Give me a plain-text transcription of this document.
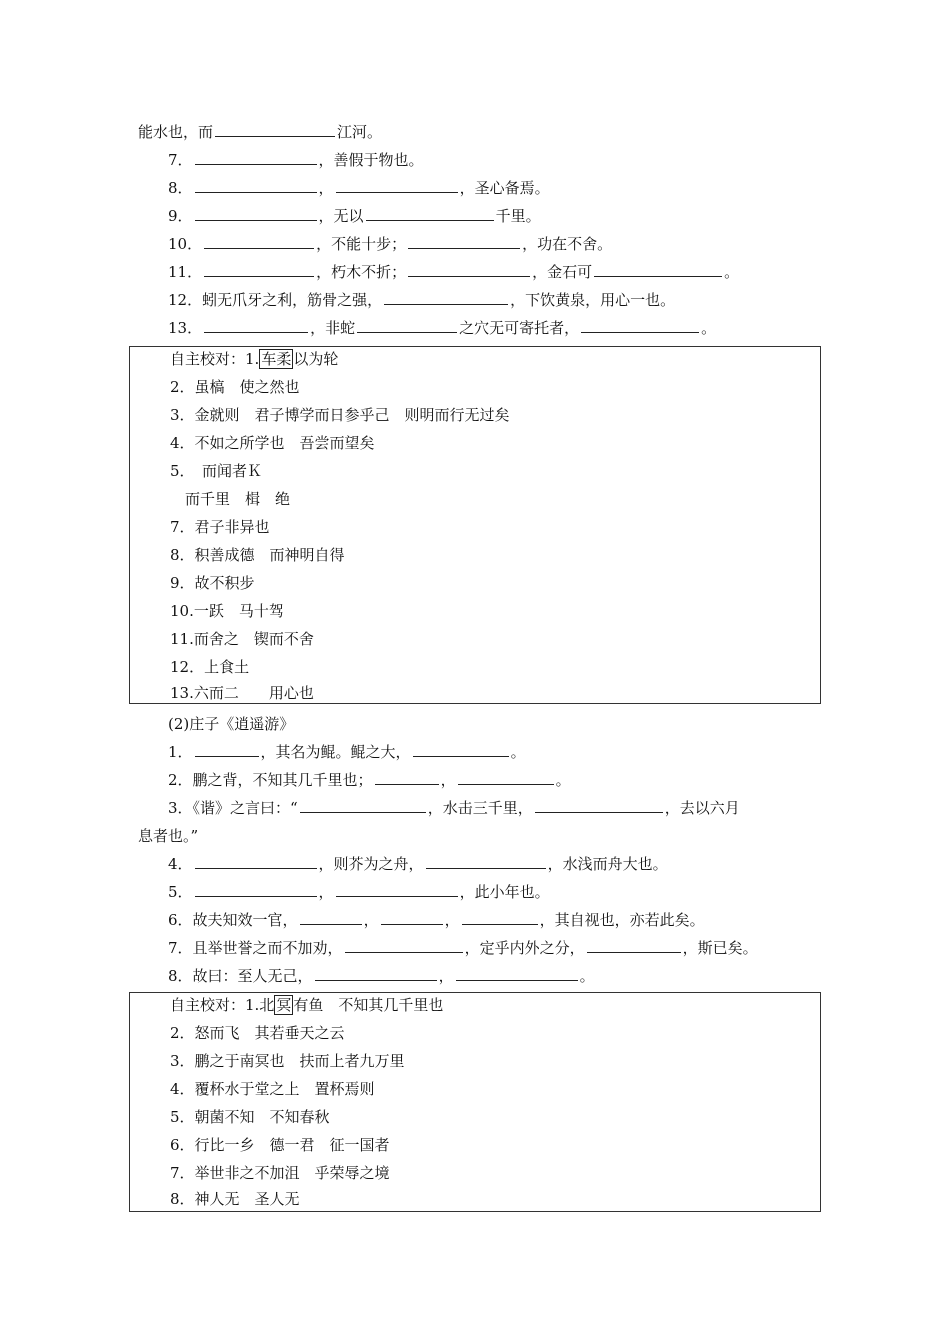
能水也，而	江河。
7．	，善假于物也。
8．	，	，圣心备焉。
9．	，无以	千里。
10．	，不能十步；	，功在不舍。
11．	，朽木不折；	，金石可	。
12．蚓无爪牙之利，筋骨之强，	，下饮黄泉，用心一也。
13．	，非蛇	之穴无可寄托者，	。
自主校对：1. 车柔 以为轮
2．虽槁　使之然也
3．金就则　君子博学而日参乎己　则明而行无过矣
4．不如之所学也　吾尝而望矣
5．　而闻者Ｋ
　而千里　楫　绝
7．君子非异也
8．积善成德　而神明自得
9．故不积步
10.一跃　马十驾
11.而舍之　锲而不舍
12．上食土
13.六而二　　用心也
(2)庄子《逍遥游》
1．	，其名为鲲。鲲之大，	。
2．鹏之背，不知其几千里也；	，	。
3．《谐》之言曰：“	，水击三千里，	，去以六月
息者也。”
4．	，则芥为之舟，	，水浅而舟大也。
5．	，	，此小年也。
6．故夫知效一官，	，	，	，其自视也，亦若此矣。
7．且举世誉之而不加劝，	，定乎内外之分，	，斯已矣。
8．故曰：至人无己，	，	。
自主校对：1.北 冥 有鱼　不知其几千里也
2．怒而飞　其若垂天之云
3．鹏之于南冥也　扶而上者九万里
4．覆杯水于堂之上　置杯焉则
5．朝菌不知　不知春秋
6．行比一乡　德一君　征一国者
7．举世非之不加沮　乎荣辱之境
8．神人无　圣人无
